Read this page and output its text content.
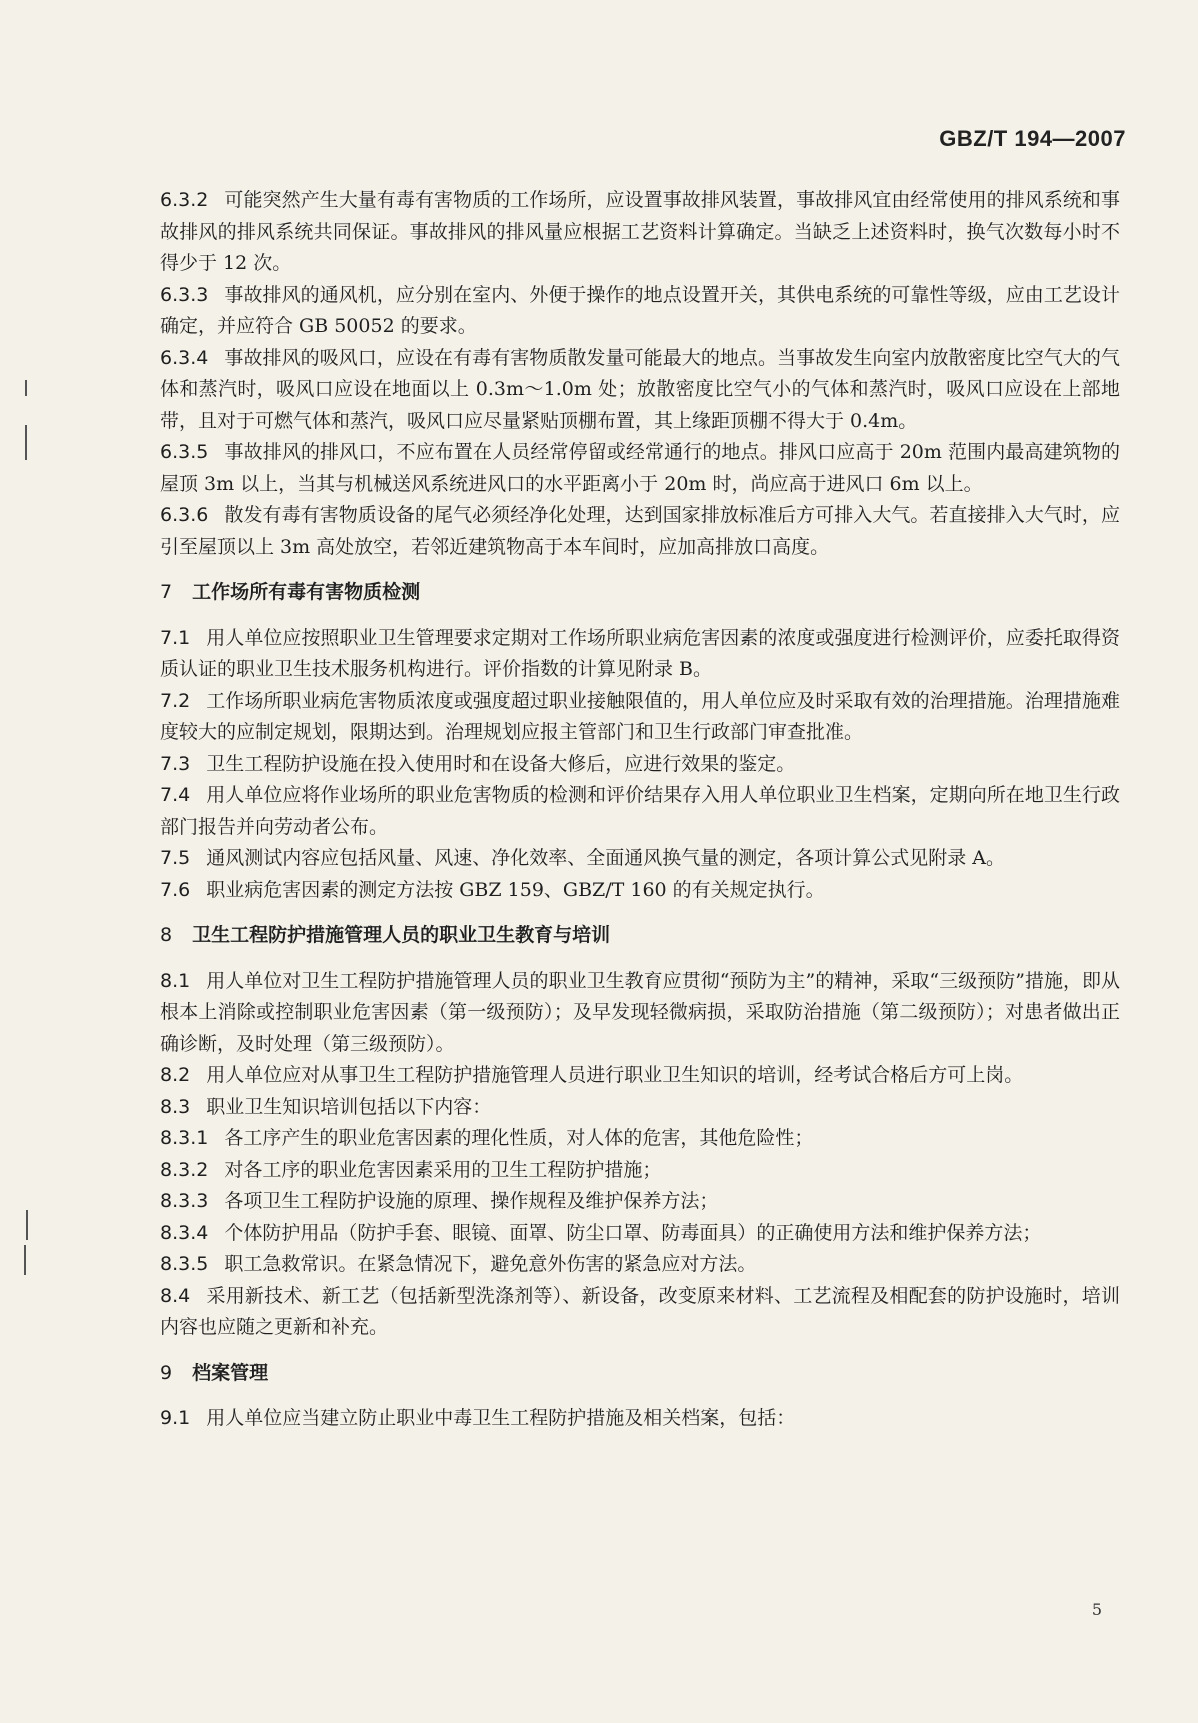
GBZ/T 194—2007
6.3.2 可能突然产生大量有毒有害物质的工作场所，应设置事故排风装置，事故排风宜由经常使用的排风系统和事故排风的排风系统共同保证。事故排风的排风量应根据工艺资料计算确定。当缺乏上述资料时，换气次数每小时不得少于 12 次。
6.3.3 事故排风的通风机，应分别在室内、外便于操作的地点设置开关，其供电系统的可靠性等级，应由工艺设计确定，并应符合 GB 50052 的要求。
6.3.4 事故排风的吸风口，应设在有毒有害物质散发量可能最大的地点。当事故发生向室内放散密度比空气大的气体和蒸汽时，吸风口应设在地面以上 0.3m～1.0m 处；放散密度比空气小的气体和蒸汽时，吸风口应设在上部地带，且对于可燃气体和蒸汽，吸风口应尽量紧贴顶棚布置，其上缘距顶棚不得大于 0.4m。
6.3.5 事故排风的排风口，不应布置在人员经常停留或经常通行的地点。排风口应高于 20m 范围内最高建筑物的屋顶 3m 以上，当其与机械送风系统进风口的水平距离小于 20m 时，尚应高于进风口 6m 以上。
6.3.6 散发有毒有害物质设备的尾气必须经净化处理，达到国家排放标准后方可排入大气。若直接排入大气时，应引至屋顶以上 3m 高处放空，若邻近建筑物高于本车间时，应加高排放口高度。
7 工作场所有毒有害物质检测
7.1 用人单位应按照职业卫生管理要求定期对工作场所职业病危害因素的浓度或强度进行检测评价，应委托取得资质认证的职业卫生技术服务机构进行。评价指数的计算见附录 B。
7.2 工作场所职业病危害物质浓度或强度超过职业接触限值的，用人单位应及时采取有效的治理措施。治理措施难度较大的应制定规划，限期达到。治理规划应报主管部门和卫生行政部门审查批准。
7.3 卫生工程防护设施在投入使用时和在设备大修后，应进行效果的鉴定。
7.4 用人单位应将作业场所的职业危害物质的检测和评价结果存入用人单位职业卫生档案，定期向所在地卫生行政部门报告并向劳动者公布。
7.5 通风测试内容应包括风量、风速、净化效率、全面通风换气量的测定，各项计算公式见附录 A。
7.6 职业病危害因素的测定方法按 GBZ 159、GBZ/T 160 的有关规定执行。
8 卫生工程防护措施管理人员的职业卫生教育与培训
8.1 用人单位对卫生工程防护措施管理人员的职业卫生教育应贯彻“预防为主”的精神，采取“三级预防”措施，即从根本上消除或控制职业危害因素（第一级预防）；及早发现轻微病损，采取防治措施（第二级预防）；对患者做出正确诊断，及时处理（第三级预防）。
8.2 用人单位应对从事卫生工程防护措施管理人员进行职业卫生知识的培训，经考试合格后方可上岗。
8.3 职业卫生知识培训包括以下内容：
8.3.1 各工序产生的职业危害因素的理化性质，对人体的危害，其他危险性；
8.3.2 对各工序的职业危害因素采用的卫生工程防护措施；
8.3.3 各项卫生工程防护设施的原理、操作规程及维护保养方法；
8.3.4 个体防护用品（防护手套、眼镜、面罩、防尘口罩、防毒面具）的正确使用方法和维护保养方法；
8.3.5 职工急救常识。在紧急情况下，避免意外伤害的紧急应对方法。
8.4 采用新技术、新工艺（包括新型洗涤剂等）、新设备，改变原来材料、工艺流程及相配套的防护设施时，培训内容也应随之更新和补充。
9 档案管理
9.1 用人单位应当建立防止职业中毒卫生工程防护措施及相关档案，包括：
5
